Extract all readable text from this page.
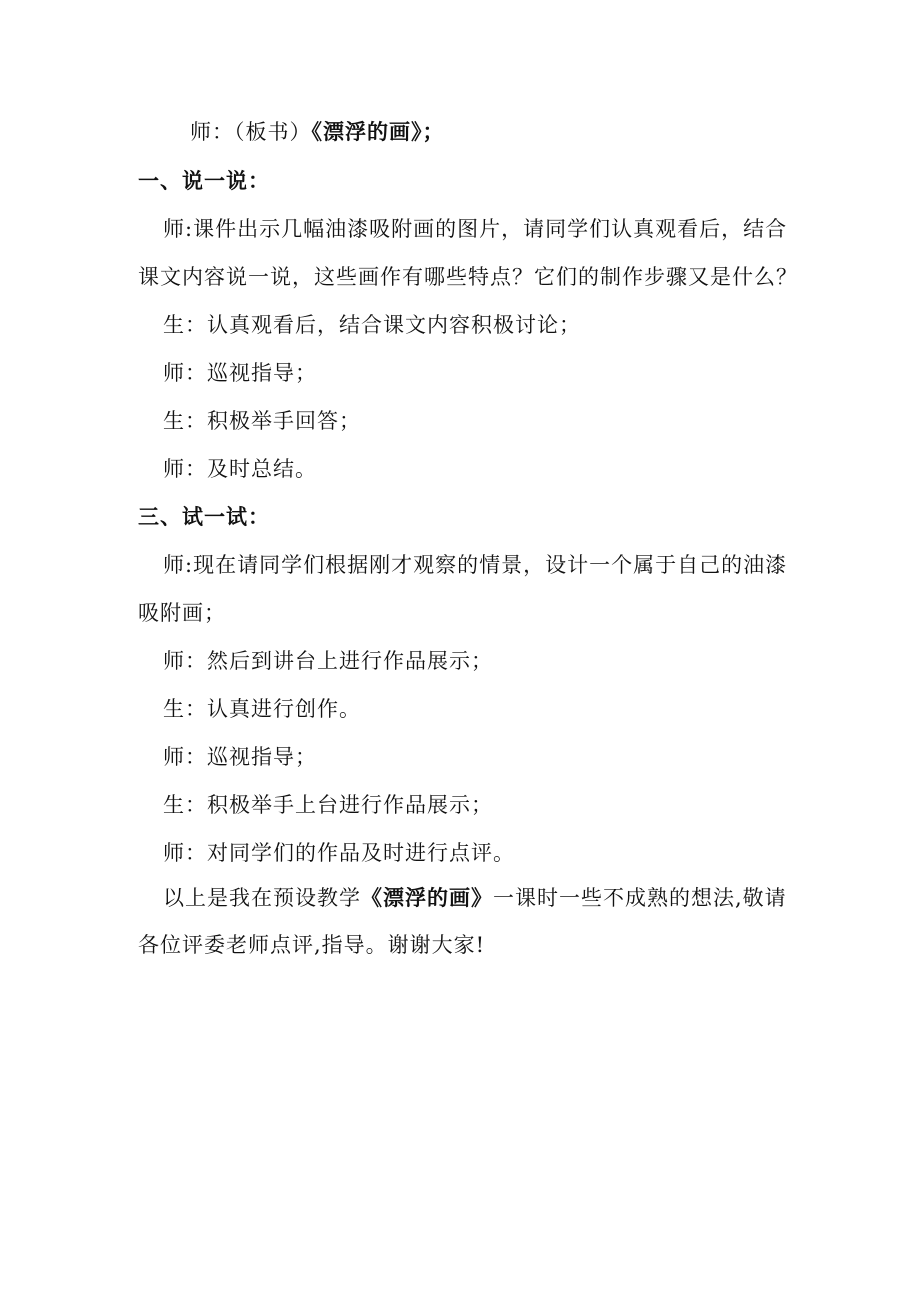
师：（板书）《漂浮的画》；
一、说一说：
师:课件出示几幅油漆吸附画的图片，请同学们认真观看后，结合
课文内容说一说，这些画作有哪些特点？它们的制作步骤又是什么？
生：认真观看后，结合课文内容积极讨论；
师：巡视指导；
生：积极举手回答；
师：及时总结。
三、试一试：
师:现在请同学们根据刚才观察的情景，设计一个属于自己的油漆
吸附画；
师：然后到讲台上进行作品展示；
生：认真进行创作。
师：巡视指导；
生：积极举手上台进行作品展示；
师：对同学们的作品及时进行点评。
以上是我在预设教学《漂浮的画》一课时一些不成熟的想法,敬请
各位评委老师点评,指导。谢谢大家!
